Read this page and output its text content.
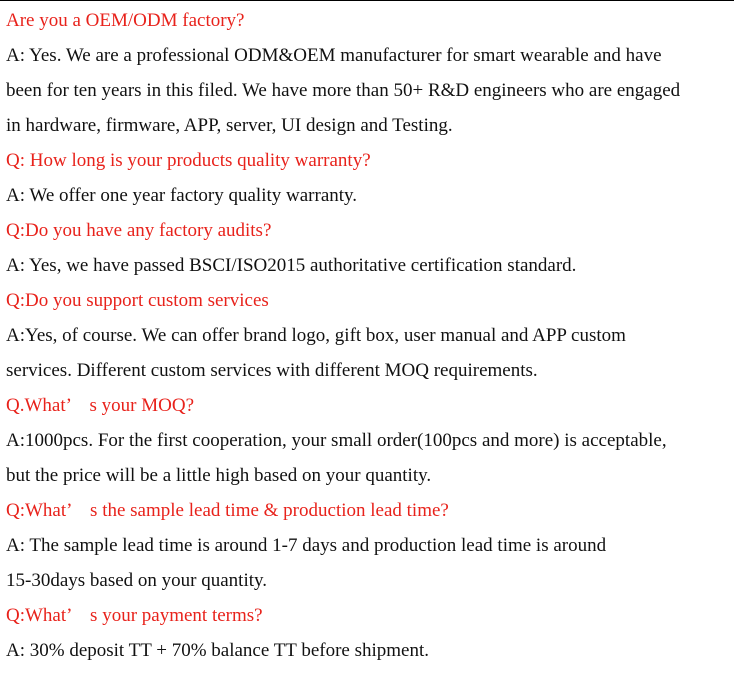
Are you a OEM/ODM factory?
A: Yes. We are a professional ODM&OEM manufacturer for smart wearable and have
been for ten years in this filed. We have more than 50+ R&D engineers who are engaged
in hardware, firmware, APP, server, UI design and Testing.
Q: How long is your products quality warranty?
A: We offer one year factory quality warranty.
Q:Do you have any factory audits?
A: Yes, we have passed BSCI/ISO2015 authoritative certification standard.
Q:Do you support custom services
A:Yes, of course. We can offer brand logo, gift box, user manual and APP custom
services. Different custom services with different MOQ requirements.
Q.What’　s your MOQ?
A:1000pcs. For the first cooperation, your small order(100pcs and more) is acceptable,
but the price will be a little high based on your quantity.
Q:What’　s the sample lead time & production lead time?
A: The sample lead time is around 1-7 days and production lead time is around
15-30days based on your quantity.
Q:What’　s your payment terms?
A: 30% deposit TT + 70% balance TT before shipment.
